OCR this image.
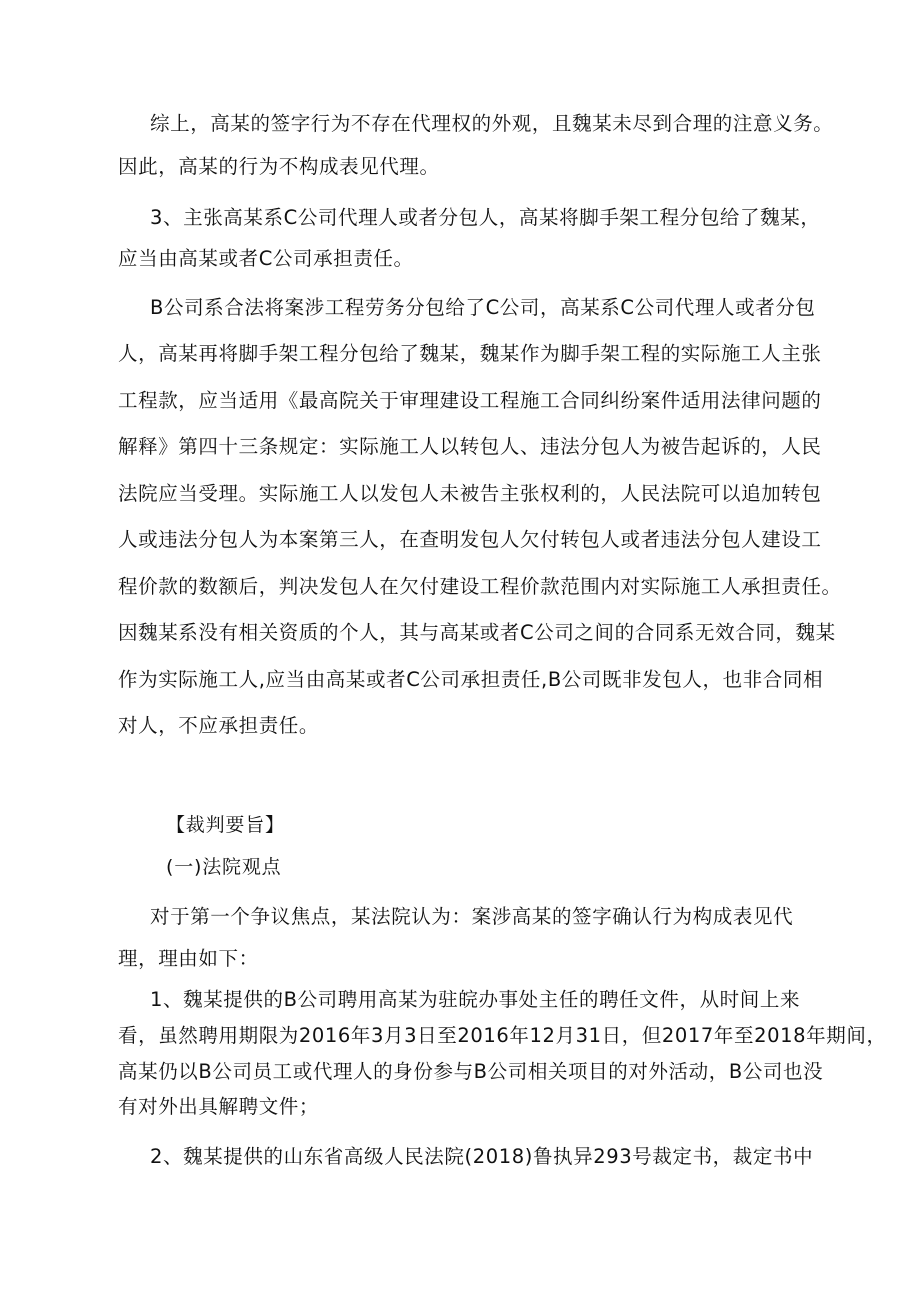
综上，高某的签字行为不存在代理权的外观，且魏某未尽到合理的注意义务。

因此，高某的行为不构成表见代理。

3、主张高某系C公司代理人或者分包人，高某将脚手架工程分包给了魏某，

应当由高某或者C公司承担责任。

B公司系合法将案涉工程劳务分包给了C公司，高某系C公司代理人或者分包

人，高某再将脚手架工程分包给了魏某，魏某作为脚手架工程的实际施工人主张

工程款，应当适用《最高院关于审理建设工程施工合同纠纷案件适用法律问题的

解释》第四十三条规定：实际施工人以转包人、违法分包人为被告起诉的，人民

法院应当受理。实际施工人以发包人未被告主张权利的，人民法院可以追加转包

人或违法分包人为本案第三人，在查明发包人欠付转包人或者违法分包人建设工

程价款的数额后，判决发包人在欠付建设工程价款范围内对实际施工人承担责任。

因魏某系没有相关资质的个人，其与高某或者C公司之间的合同系无效合同，魏某

作为实际施工人,应当由高某或者C公司承担责任,B公司既非发包人，也非合同相

对人，不应承担责任。

【裁判要旨】

(一)法院观点

对于第一个争议焦点，某法院认为：案涉高某的签字确认行为构成表见代

理，理由如下：

1、魏某提供的B公司聘用高某为驻皖办事处主任的聘任文件，从时间上来

看，虽然聘用期限为2016年3月3日至2016年12月31日，但2017年至2018年期间，

高某仍以B公司员工或代理人的身份参与B公司相关项目的对外活动，B公司也没

有对外出具解聘文件；

2、魏某提供的山东省高级人民法院(2018)鲁执异293号裁定书，裁定书中
